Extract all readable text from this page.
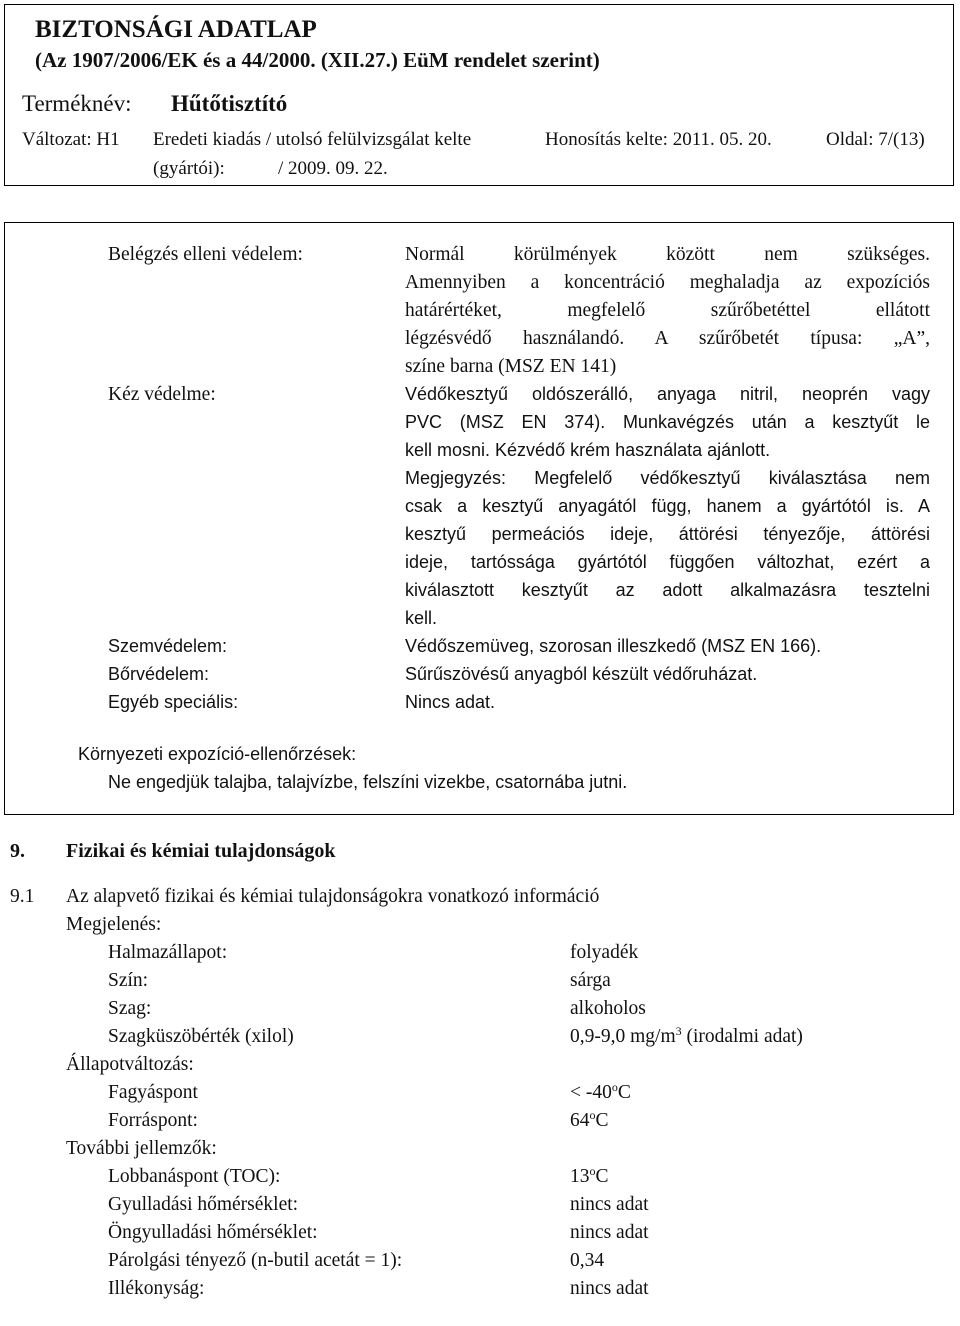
BIZTONSÁGI ADATLAP
(Az 1907/2006/EK és a 44/2000. (XII.27.) EüM rendelet szerint)
Terméknév: Hűtőtisztító
Változat: H1 Eredeti kiadás / utolsó felülvizsgálat kelte
(gyártói):	/ 2009. 09. 22.
Honosítás kelte: 2011. 05. 20.	Oldal: 7/(13)
Belégzés elleni védelem:	Normál körülmények között nem szükséges.
Amennyiben a koncentráció meghaladja az expozíciós
határértéket, megfelelő szűrőbetéttel ellátott
légzésvédő használandó. A szűrőbetét típusa: „A”,
színe barna (MSZ EN 141)
Kéz védelme:	Védőkesztyű oldószerálló, anyaga nitril, neoprén vagy
PVC (MSZ EN 374). Munkavégzés után a kesztyűt le
kell mosni. Kézvédő krém használata ajánlott.
Megjegyzés: Megfelelő védőkesztyű kiválasztása nem
csak a kesztyű anyagától függ, hanem a gyártótól is. A
kesztyű permeációs ideje, áttörési tényezője, áttörési
ideje, tartóssága gyártótól függően változhat, ezért a
kiválasztott kesztyűt az adott alkalmazásra tesztelni
kell.
Szemvédelem:	Védőszemüveg, szorosan illeszkedő (MSZ EN 166).
Bőrvédelem:	Sűrűszövésű anyagból készült védőruházat.
Egyéb speciális:	Nincs adat.
Környezeti expozíció-ellenőrzések:
Ne engedjük talajba, talajvízbe, felszíni vizekbe, csatornába jutni.
9. Fizikai és kémiai tulajdonságok
9.1 Az alapvető fizikai és kémiai tulajdonságokra vonatkozó információ
Megjelenés:
Halmazállapot:	folyadék
Szín:	sárga
Szag:	alkoholos
Szagküszöbérték (xilol)	0,9-9,0 $mg/m^3$ (irodalmi adat)
Állapotváltozás:
Fagyáspont	< $-40^oC$
Forráspont:	64$^o$C
További jellemzők:
Lobbanáspont (TOC):	13$^o$C
Gyulladási hőmérséklet:	nincs adat
Öngyulladási hőmérséklet:	nincs adat
Párolgási tényező (n-butil acetát = 1):	0,34
Illékonyság:	nincs adat
